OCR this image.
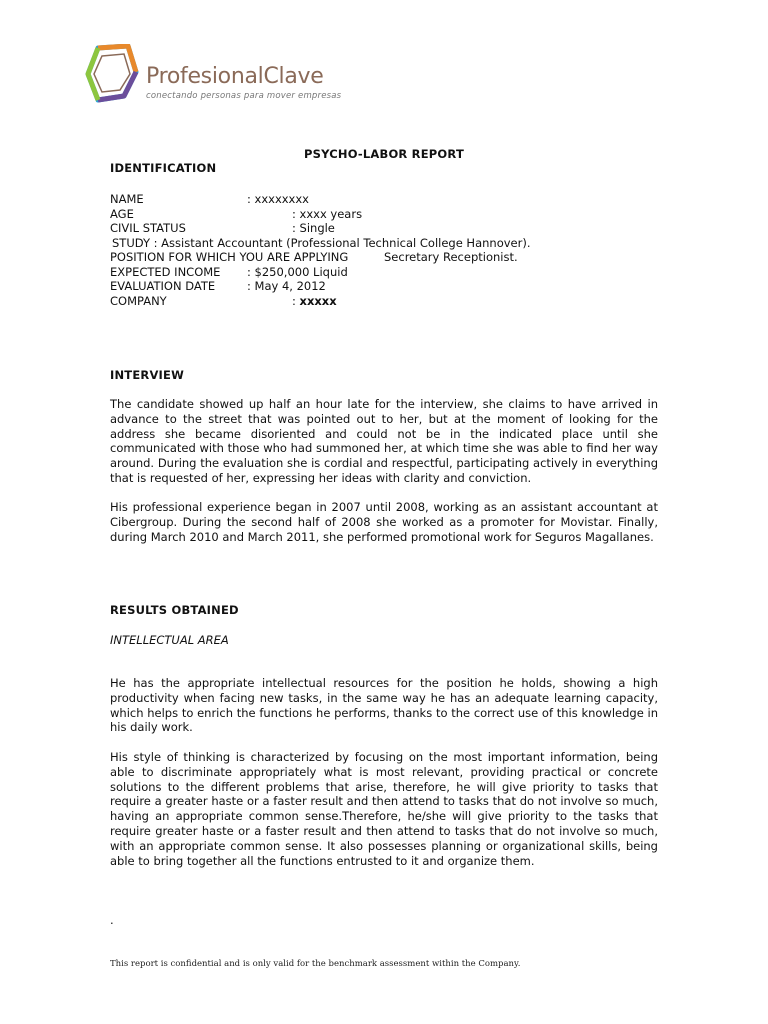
ProfesionalClave
conectando personas para mover empresas
PSYCHO-LABOR REPORT
IDENTIFICATION
NAME	: xxxxxxxx
AGE	: xxxx years
CIVIL STATUS	: Single
STUDY : Assistant Accountant (Professional Technical College Hannover).
POSITION FOR WHICH YOU ARE APPLYING	Secretary Receptionist.
EXPECTED INCOME : $250,000 Liquid
EVALUATION DATE	: May 4, 2012
COMPANY	: xxxxx
INTERVIEW

The candidate showed up half an hour late for the interview, she claims to have arrived in advance to the street that was pointed out to her, but at the moment of looking for the address she became disoriented and could not be in the indicated place until she communicated with those who had summoned her, at which time she was able to find her way around. During the evaluation she is cordial and respectful, participating actively in everything that is requested of her, expressing her ideas with clarity and conviction.

His professional experience began in 2007 until 2008, working as an assistant accountant at Cibergroup. During the second half of 2008 she worked as a promoter for Movistar. Finally, during March 2010 and March 2011, she performed promotional work for Seguros Magallanes.

RESULTS OBTAINED
INTELLECTUAL AREA

He has the appropriate intellectual resources for the position he holds, showing a high productivity when facing new tasks, in the same way he has an adequate learning capacity, which helps to enrich the functions he performs, thanks to the correct use of this knowledge in his daily work.

His style of thinking is characterized by focusing on the most important information, being able to discriminate appropriately what is most relevant, providing practical or concrete solutions to the different problems that arise, therefore, he will give priority to tasks that require a greater haste or a faster result and then attend to tasks that do not involve so much, having an appropriate common sense.Therefore, he/she will give priority to the tasks that require greater haste or a faster result and then attend to tasks that do not involve so much, with an appropriate common sense. It also possesses planning or organizational skills, being able to bring together all the functions entrusted to it and organize them.

.
This report is confidential and is only valid for the benchmark assessment within the Company.
